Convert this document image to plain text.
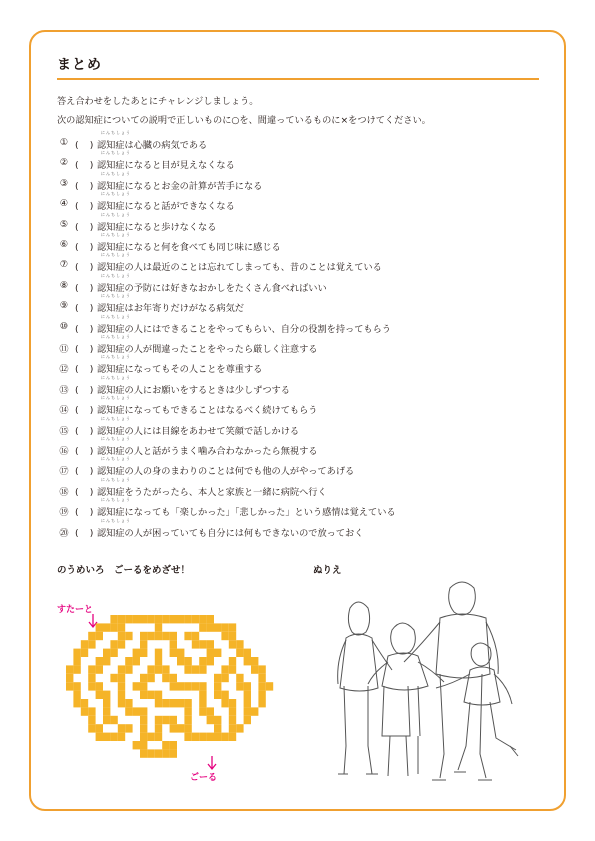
まとめ
答え合わせをしたあとにチャレンジしましょう。
次の認知症についての説明で正しいものに○を、間違っているものに×をつけてください。
にんちしょう
① (　) 認知症は心臓の病気である
にんちしょう
② (　) 認知症になると目が見えなくなる
にんちしょう
③ (　) 認知症になるとお金の計算が苦手になる
にんちしょう
④ (　) 認知症になると話ができなくなる
にんちしょう
⑤ (　) 認知症になると歩けなくなる
にんちしょう
⑥ (　) 認知症になると何を食べても同じ味に感じる
にんちしょう
⑦ (　) 認知症の人は最近のことは忘れてしまっても、昔のことは覚えている
にんちしょう
⑧ (　) 認知症の予防には好きなおかしをたくさん食べればいい
にんちしょう
⑨ (　) 認知症はお年寄りだけがなる病気だ
にんちしょう
⑩ (　) 認知症の人にはできることをやってもらい、自分の役割を持ってもらう
にんちしょう
⑪ (　) 認知症の人が間違ったことをやったら厳しく注意する
にんちしょう
⑫ (　) 認知症になってもその人ことを尊重する
にんちしょう
⑬ (　) 認知症の人にお願いをするときは少しずつする
にんちしょう
⑭ (　) 認知症になってもできることはなるべく続けてもらう
にんちしょう
⑮ (　) 認知症の人には目線をあわせて笑顔で話しかける
にんちしょう
⑯ (　) 認知症の人と話がうまく噛み合わなかったら無視する
にんちしょう
⑰ (　) 認知症の人の身のまわりのことは何でも他の人がやってあげる
にんちしょう
⑱ (　) 認知症をうたがったら、本人と家族と一緒に病院へ行く
にんちしょう
⑲ (　) 認知症になっても「楽しかった」「悲しかった」という感情は覚えている
にんちしょう
⑳ (　) 認知症の人が困っていても自分には何もできないので放っておく
のうめいろ　ごーるをめざせ！	ぬりえ
すたーと
ごーる
